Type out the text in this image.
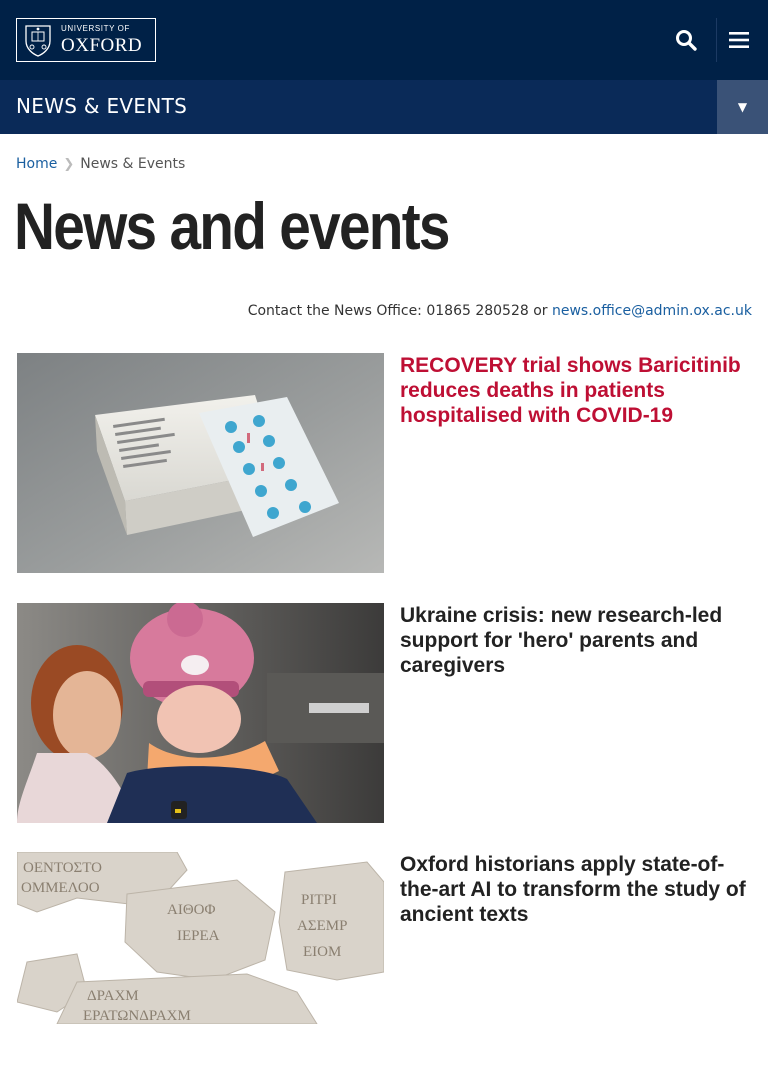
UNIVERSITY OF
OXFORD
NEWS & EVENTS	▼
Home ❯ News & Events
News and events
Contact the News Office: 01865 280528 or news.office@admin.ox.ac.uk
RECOVERY trial shows Baricitinib reduces deaths in patients hospitalised with COVID-19
Ukraine crisis: new research-led support for 'hero' parents and caregivers
ΟΕΝΤΟΣΤΟ
ΟΜΜΕΛΟΟ
ΑΙΘΟΦ
ΙΕΡΕΑ
ΡΙΤΡΙ
ΑΣΕΜΡ
ΕΙΟΜ
ΔΡΑΧΜ
ΕΡΑΤΩΝΔΡΑΧΜ
Oxford historians apply state-of-the-art AI to transform the study of ancient texts
